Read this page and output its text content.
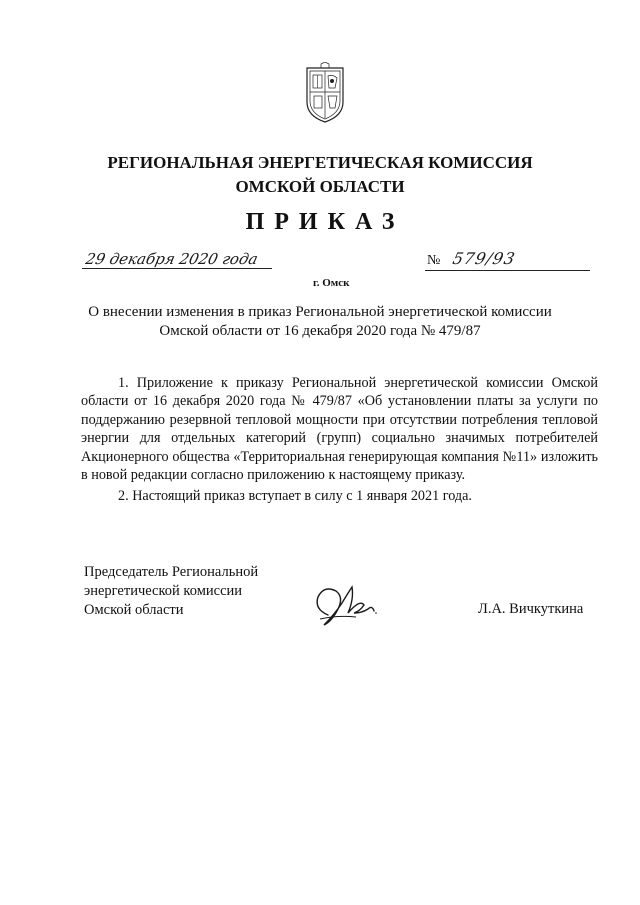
РЕГИОНАЛЬНАЯ ЭНЕРГЕТИЧЕСКАЯ КОМИССИЯ
ОМСКОЙ ОБЛАСТИ
ПРИКАЗ
29 декабря 2020 года
г. Омск
№ 579/93
О внесении изменения в приказ Региональной энергетической комиссии
Омской области от 16 декабря 2020 года № 479/87

1. Приложение к приказу Региональной энергетической комиссии Омской области от 16 декабря 2020 года № 479/87 «Об установлении платы за услуги по поддержанию резервной тепловой мощности при отсутствии потребления тепловой энергии для отдельных категорий (групп) социально значимых потребителей Акционерного общества «Территориальная генерирующая компания №11» изложить в новой редакции согласно приложению к настоящему приказу.

2. Настоящий приказ вступает в силу с 1 января 2021 года.

Председатель Региональной
энергетической комиссии
Омской области	Л.А. Вичкуткина
